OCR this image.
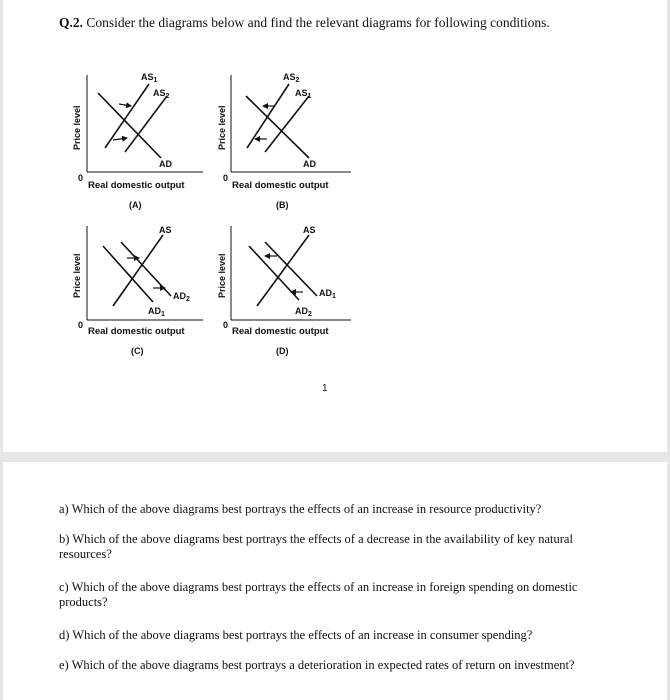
Q.2. Consider the diagrams below and find the relevant diagrams for following conditions.
$AS_1$
$AS_2$
AD
Price level
0
Real domestic output
(A)
$AS_2$
$AS_1$
AD
Price level
0
Real domestic output
(B)
AS
$AD_1$
$AD_2$
Price level
0
Real domestic output
(C)
AS
$AD_1$
$AD_2$
Price level
0
Real domestic output
(D)
1
a) Which of the above diagrams best portrays the effects of an increase in resource productivity?
b) Which of the above diagrams best portrays the effects of a decrease in the availability of key natural resources?
c) Which of the above diagrams best portrays the effects of an increase in foreign spending on domestic products?
d) Which of the above diagrams best portrays the effects of an increase in consumer spending?
e) Which of the above diagrams best portrays a deterioration in expected rates of return on investment?
